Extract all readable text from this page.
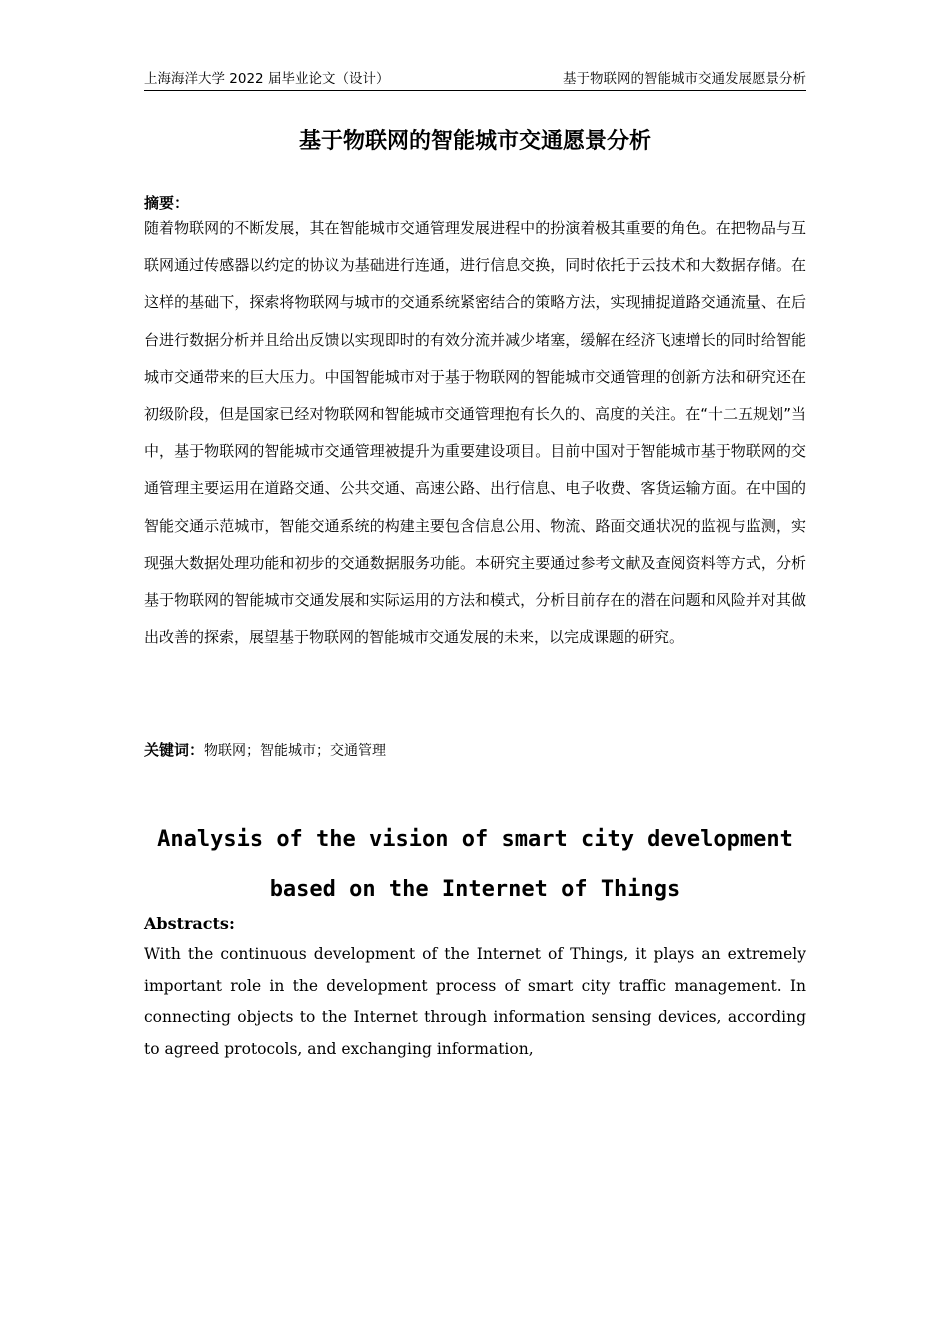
上海海洋大学 2022 届毕业论文（设计）	基于物联网的智能城市交通发展愿景分析
基于物联网的智能城市交通愿景分析
摘要：

随着物联网的不断发展，其在智能城市交通管理发展进程中的扮演着极其重要的角色。在把物品与互联网通过传感器以约定的协议为基础进行连通，进行信息交换，同时依托于云技术和大数据存储。在这样的基础下，探索将物联网与城市的交通系统紧密结合的策略方法，实现捕捉道路交通流量、在后台进行数据分析并且给出反馈以实现即时的有效分流并减少堵塞，缓解在经济飞速增长的同时给智能城市交通带来的巨大压力。中国智能城市对于基于物联网的智能城市交通管理的创新方法和研究还在初级阶段，但是国家已经对物联网和智能城市交通管理抱有长久的、高度的关注。在“十二五规划”当中，基于物联网的智能城市交通管理被提升为重要建设项目。目前中国对于智能城市基于物联网的交通管理主要运用在道路交通、公共交通、高速公路、出行信息、电子收费、客货运输方面。在中国的智能交通示范城市，智能交通系统的构建主要包含信息公用、物流、路面交通状况的监视与监测，实现强大数据处理功能和初步的交通数据服务功能。本研究主要通过参考文献及查阅资料等方式，分析基于物联网的智能城市交通发展和实际运用的方法和模式，分析目前存在的潜在问题和风险并对其做出改善的探索，展望基于物联网的智能城市交通发展的未来，以完成课题的研究。

关键词：物联网；智能城市；交通管理
Analysis of the vision of smart city development based on the Internet of Things
Abstracts:

With the continuous development of the Internet of Things, it plays an extremely important role in the development process of smart city traffic management. In connecting objects to the Internet through information sensing devices, according to agreed protocols, and exchanging information,
